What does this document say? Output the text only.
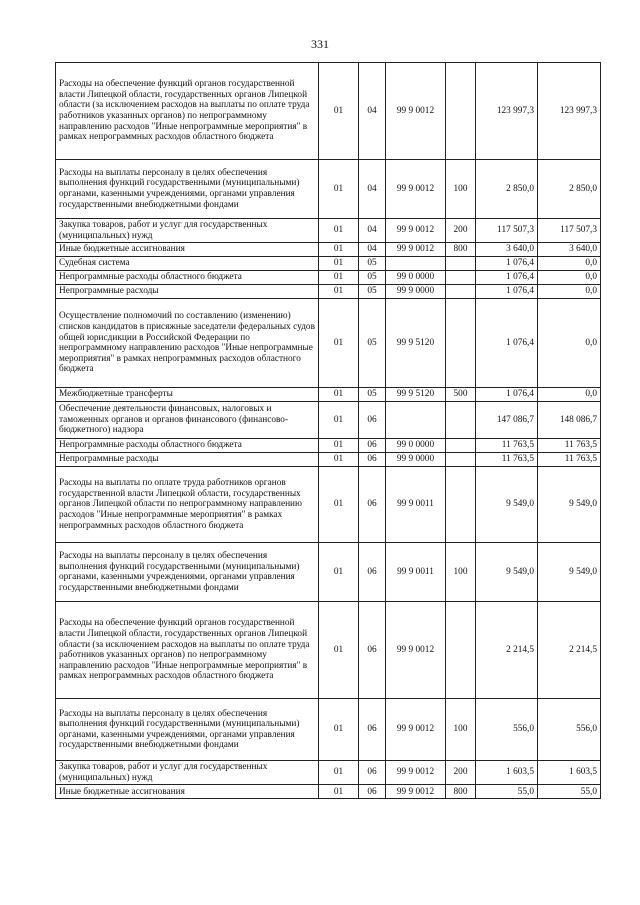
331
Расходы на обеспечение функций органов государственной власти Липецкой области, государственных органов Липецкой области (за исключением расходов на выплаты по оплате труда работников указанных органов) по непрограммному направлению расходов "Иные непрограммные мероприятия" в рамках непрограммных расходов областного бюджета	01	04	99 9 0012		123 997,3	123 997,3
Расходы на выплаты персоналу в целях обеспечения выполнения функций государственными (муниципальными) органами, казенными учреждениями, органами управления государственными внебюджетными фондами	01	04	99 9 0012	100	2 850,0	2 850,0
Закупка товаров, работ и услуг для государственных (муниципальных) нужд	01	04	99 9 0012	200	117 507,3	117 507,3
Иные бюджетные ассигнования	01	04	99 9 0012	800	3 640,0	3 640,0
Судебная система	01	05			1 076,4	0,0
Непрограммные расходы областного бюджета	01	05	99 0 0000		1 076,4	0,0
Непрограммные расходы	01	05	99 9 0000		1 076,4	0,0
Осуществление полномочий по составлению (изменению) списков кандидатов в присяжные заседатели федеральных судов общей юрисдикции в Российской Федерации по непрограммному направлению расходов "Иные непрограммные мероприятия" в рамках непрограммных расходов областного бюджета	01	05	99 9 5120		1 076,4	0,0
Межбюджетные трансферты	01	05	99 9 5120	500	1 076,4	0,0
Обеспечение деятельности финансовых, налоговых и таможенных органов и органов финансового (финансово-бюджетного) надзора	01	06			147 086,7	148 086,7
Непрограммные расходы областного бюджета	01	06	99 0 0000		11 763,5	11 763,5
Непрограммные расходы	01	06	99 9 0000		11 763,5	11 763,5
Расходы на выплаты по оплате труда работников органов государственной власти Липецкой области, государственных органов Липецкой области по непрограммному направлению расходов "Иные непрограммные мероприятия" в рамках непрограммных расходов областного бюджета	01	06	99 9 0011		9 549,0	9 549,0
Расходы на выплаты персоналу в целях обеспечения выполнения функций государственными (муниципальными) органами, казенными учреждениями, органами управления государственными внебюджетными фондами	01	06	99 9 0011	100	9 549,0	9 549,0
Расходы на обеспечение функций органов государственной власти Липецкой области, государственных органов Липецкой области (за исключением расходов на выплаты по оплате труда работников указанных органов) по непрограммному направлению расходов "Иные непрограммные мероприятия" в рамках непрограммных расходов областного бюджета	01	06	99 9 0012		2 214,5	2 214,5
Расходы на выплаты персоналу в целях обеспечения выполнения функций государственными (муниципальными) органами, казенными учреждениями, органами управления государственными внебюджетными фондами	01	06	99 9 0012	100	556,0	556,0
Закупка товаров, работ и услуг для государственных (муниципальных) нужд	01	06	99 9 0012	200	1 603,5	1 603,5
Иные бюджетные ассигнования	01	06	99 9 0012	800	55,0	55,0
